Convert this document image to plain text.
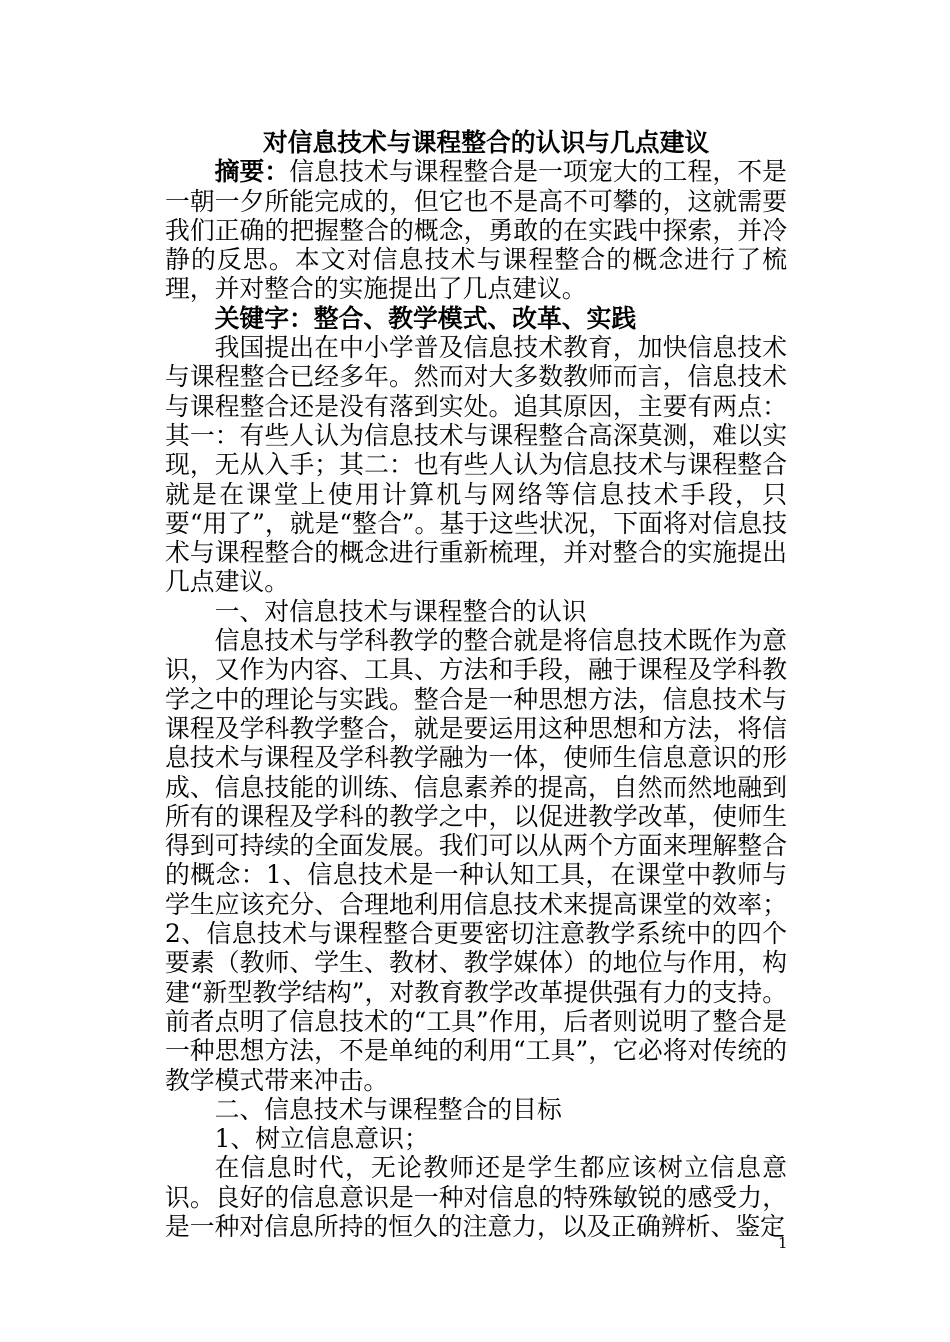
对信息技术与课程整合的认识与几点建议

摘要：信息技术与课程整合是一项宠大的工程，不是一朝一夕所能完成的，但它也不是高不可攀的，这就需要我们正确的把握整合的概念，勇敢的在实践中探索，并冷静的反思。本文对信息技术与课程整合的概念进行了梳理，并对整合的实施提出了几点建议。

关键字：整合、教学模式、改革、实践

我国提出在中小学普及信息技术教育，加快信息技术与课程整合已经多年。然而对大多数教师而言，信息技术与课程整合还是没有落到实处。追其原因，主要有两点：其一：有些人认为信息技术与课程整合高深莫测，难以实现，无从入手；其二：也有些人认为信息技术与课程整合就是在课堂上使用计算机与网络等信息技术手段，只要“用了”，就是“整合”。基于这些状况，下面将对信息技术与课程整合的概念进行重新梳理，并对整合的实施提出几点建议。

一、对信息技术与课程整合的认识

信息技术与学科教学的整合就是将信息技术既作为意识，又作为内容、工具、方法和手段，融于课程及学科教学之中的理论与实践。整合是一种思想方法，信息技术与课程及学科教学整合，就是要运用这种思想和方法，将信息技术与课程及学科教学融为一体，使师生信息意识的形成、信息技能的训练、信息素养的提高，自然而然地融到所有的课程及学科的教学之中，以促进教学改革，使师生得到可持续的全面发展。我们可以从两个方面来理解整合的概念：1、信息技术是一种认知工具，在课堂中教师与学生应该充分、合理地利用信息技术来提高课堂的效率；2、信息技术与课程整合更要密切注意教学系统中的四个要素（教师、学生、教材、教学媒体）的地位与作用，构建“新型教学结构”，对教育教学改革提供强有力的支持。前者点明了信息技术的“工具”作用，后者则说明了整合是一种思想方法，不是单纯的利用“工具”，它必将对传统的教学模式带来冲击。

二、信息技术与课程整合的目标

1、树立信息意识；

在信息时代，无论教师还是学生都应该树立信息意识。良好的信息意识是一种对信息的特殊敏锐的感受力，是一种对信息所持的恒久的注意力，以及正确辨析、鉴定

1
